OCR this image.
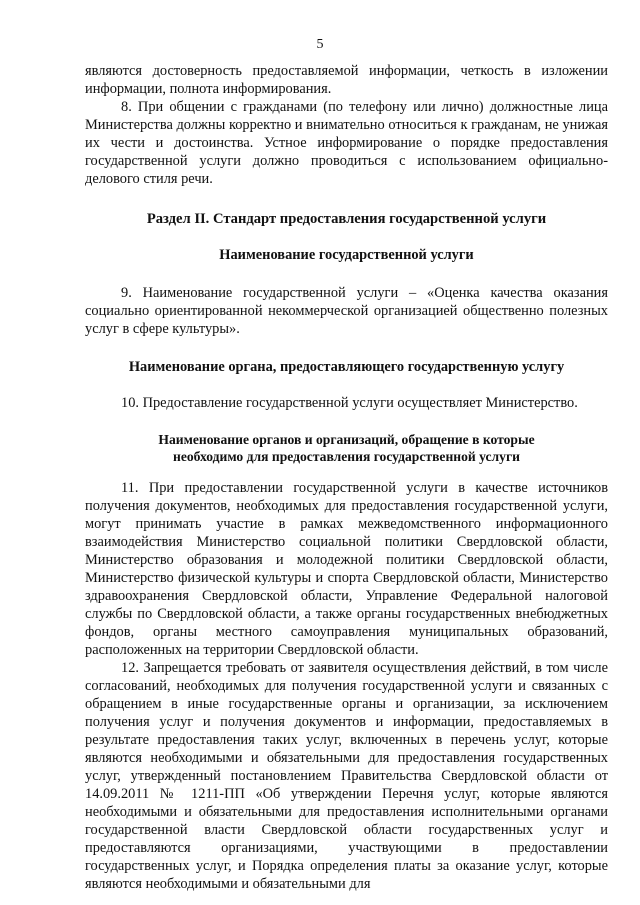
5

являются достоверность предоставляемой информации, четкость в изложении информации, полнота информирования.

8. При общении с гражданами (по телефону или лично) должностные лица Министерства должны корректно и внимательно относиться к гражданам, не унижая их чести и достоинства. Устное информирование о порядке предоставления государственной услуги должно проводиться с использованием официально-делового стиля речи.

Раздел II. Стандарт предоставления государственной услуги
Наименование государственной услуги

9. Наименование государственной услуги – «Оценка качества оказания социально ориентированной некоммерческой организацией общественно полезных услуг в сфере культуры».

Наименование органа, предоставляющего государственную услугу

10. Предоставление государственной услуги осуществляет Министерство.

Наименование органов и организаций, обращение в которые
необходимо для предоставления государственной услуги

11. При предоставлении государственной услуги в качестве источников получения документов, необходимых для предоставления государственной услуги, могут принимать участие в рамках межведомственного информационного взаимодействия Министерство социальной политики Свердловской области, Министерство образования и молодежной политики Свердловской области, Министерство физической культуры и спорта Свердловской области, Министерство здравоохранения Свердловской области, Управление Федеральной налоговой службы по Свердловской области, а также органы государственных внебюджетных фондов, органы местного самоуправления муниципальных образований, расположенных на территории Свердловской области.

12. Запрещается требовать от заявителя осуществления действий, в том числе согласований, необходимых для получения государственной услуги и связанных с обращением в иные государственные органы и организации, за исключением получения услуг и получения документов и информации, предоставляемых в результате предоставления таких услуг, включенных в перечень услуг, которые являются необходимыми и обязательными для предоставления государственных услуг, утвержденный постановлением Правительства Свердловской области от 14.09.2011 № 1211-ПП «Об утверждении Перечня услуг, которые являются необходимыми и обязательными для предоставления исполнительными органами государственной власти Свердловской области государственных услуг и предоставляются организациями, участвующими в предоставлении государственных услуг, и Порядка определения платы за оказание услуг, которые являются необходимыми и обязательными для
